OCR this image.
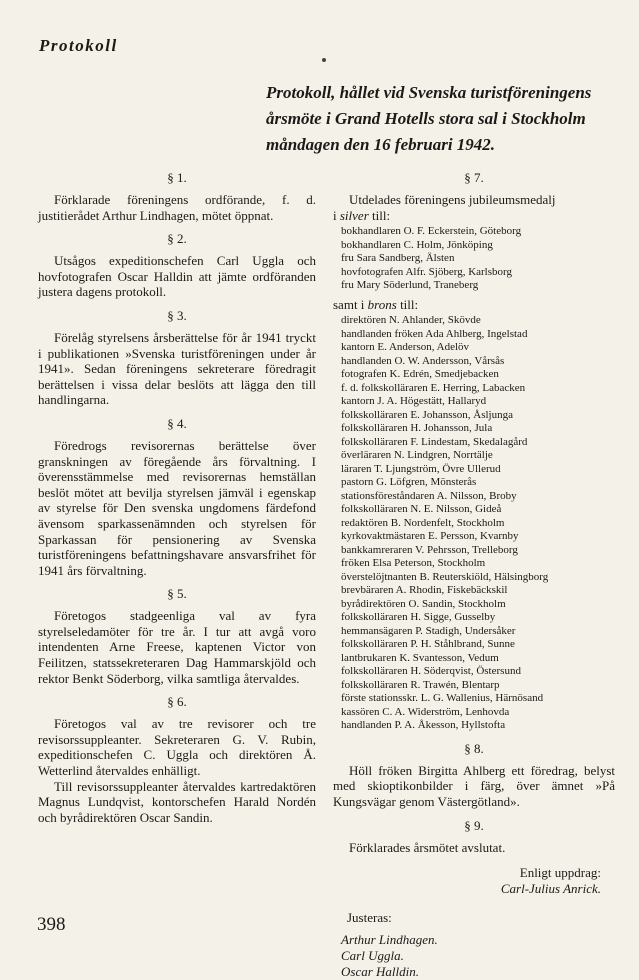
Protokoll
Protokoll, hållet vid Svenska turistföreningens
årsmöte i Grand Hotells stora sal i Stockholm
måndagen den 16 februari 1942.
§ 1.
Förklarade föreningens ordförande, f. d. justitierådet Arthur Lindhagen, mötet öppnat.
§ 2.
Utsågos expeditionschefen Carl Uggla och hovfotografen Oscar Halldin att jämte ordföranden justera dagens protokoll.
§ 3.
Förelåg styrelsens årsberättelse för år 1941 tryckt i publikationen »Svenska turistföreningen under år 1941». Sedan föreningens sekreterare föredragit berättelsen i vissa delar beslöts att lägga den till handlingarna.
§ 4.
Föredrogs revisorernas berättelse över granskningen av föregående års förvaltning. I överensstämmelse med revisorernas hemställan beslöt mötet att bevilja styrelsen jämväl i egenskap av styrelse för Den svenska ungdomens färdefond ävensom sparkassenämnden och styrelsen för Sparkassan för pensionering av Svenska turistföreningens befattningshavare ansvarsfrihet för 1941 års förvaltning.
§ 5.
Företogos stadgeenliga val av fyra styrelseledamöter för tre år. I tur att avgå voro intendenten Arne Freese, kaptenen Victor von Feilitzen, statssekreteraren Dag Hammarskjöld och rektor Benkt Söderborg, vilka samtliga återvaldes.
§ 6.
Företogos val av tre revisorer och tre revisorssuppleanter. Sekreteraren G. V. Rubin, expeditionschefen C. Uggla och direktören Å. Wetterlind återvaldes enhälligt.
Till revisorssuppleanter återvaldes kartredaktören Magnus Lundqvist, kontorschefen Harald Nordén och byrådirektören Oscar Sandin.
§ 7.
Utdelades föreningens jubileumsmedalj
i silver till:
bokhandlaren O. F. Eckerstein, Göteborg
bokhandlaren C. Holm, Jönköping
fru Sara Sandberg, Älsten
hovfotografen Alfr. Sjöberg, Karlsborg
fru Mary Söderlund, Traneberg
samt i brons till:
direktören N. Ahlander, Skövde
handlanden fröken Ada Ahlberg, Ingelstad
kantorn E. Anderson, Adelöv
handlanden O. W. Andersson, Vårsås
fotografen K. Edrén, Smedjebacken
f. d. folkskolläraren E. Herring, Labacken
kantorn J. A. Högestätt, Hallaryd
folkskolläraren E. Johansson, Åsljunga
folkskolläraren H. Johansson, Jula
folkskolläraren F. Lindestam, Skedalagård
överläraren N. Lindgren, Norrtälje
läraren T. Ljungström, Övre Ullerud
pastorn G. Löfgren, Mönsterås
stationsföreståndaren A. Nilsson, Broby
folkskolläraren N. E. Nilsson, Gideå
redaktören B. Nordenfelt, Stockholm
kyrkovaktmästaren E. Persson, Kvarnby
bankkamreraren V. Pehrsson, Trelleborg
fröken Elsa Peterson, Stockholm
överstelöjtnanten B. Reuterskiöld, Hälsingborg
brevbäraren A. Rhodin, Fiskebäckskil
byrådirektören O. Sandin, Stockholm
folkskolläraren H. Sigge, Gusselby
hemmansägaren P. Stadigh, Undersåker
folkskolläraren P. H. Ståhlbrand, Sunne
lantbrukaren K. Svantesson, Vedum
folkskolläraren H. Söderqvist, Östersund
folkskolläraren R. Trawén, Blentarp
förste stationsskr. L. G. Wallenius, Härnösand
kassören C. A. Widerström, Lenhovda
handlanden P. A. Åkesson, Hyllstofta
§ 8.
Höll fröken Birgitta Ahlberg ett föredrag, belyst med skioptikonbilder i färg, över ämnet »På Kungsvägar genom Västergötland».
§ 9.
Förklarades årsmötet avslutat.
Enligt uppdrag:
Carl-Julius Anrick.
Justeras:
Arthur Lindhagen.
Carl Uggla.
Oscar Halldin.
398
